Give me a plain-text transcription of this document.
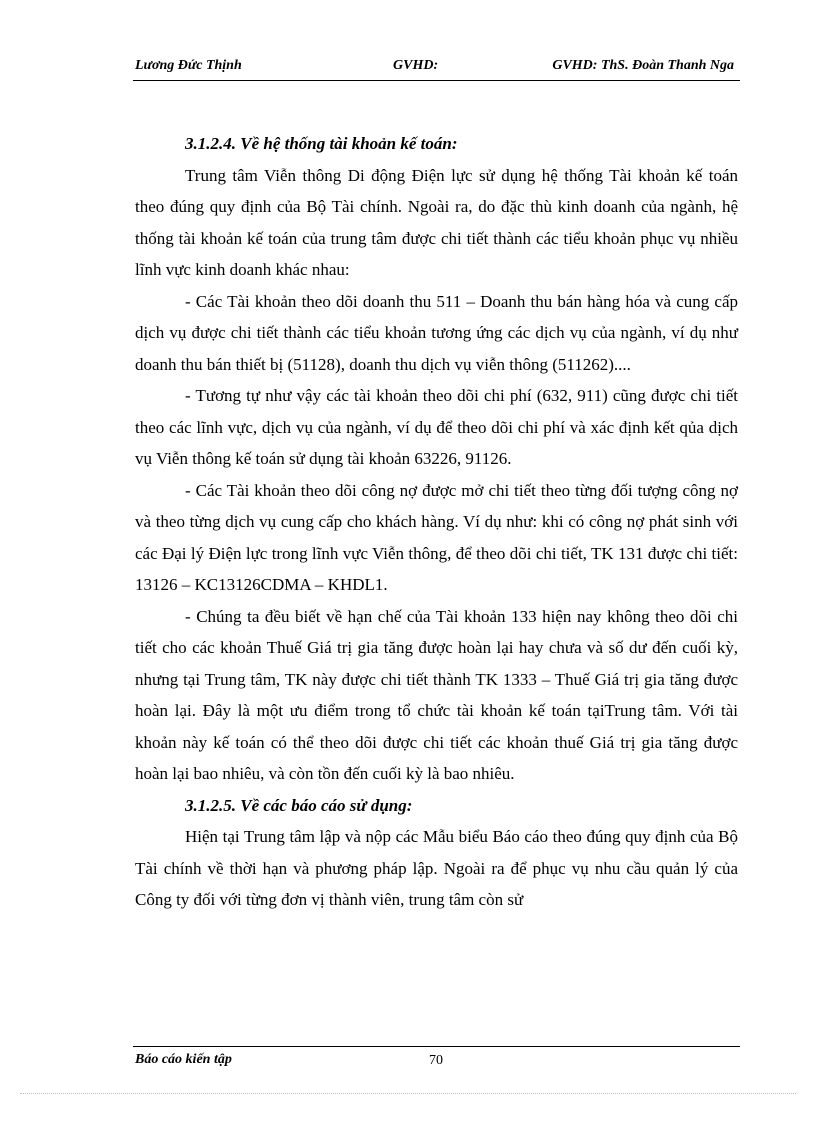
Lương Đức Thịnh	GVHD:	GVHD: ThS. Đoàn Thanh Nga

3.1.2.4. Về hệ thống tài khoản kế toán:

Trung tâm Viễn thông Di động Điện lực sử dụng hệ thống Tài khoản kế toán theo đúng quy định của Bộ Tài chính. Ngoài ra, do đặc thù kinh doanh của ngành, hệ thống tài khoản kế toán của trung tâm được chi tiết thành các tiểu khoản phục vụ nhiều lĩnh vực kinh doanh khác nhau:

- Các Tài khoản theo dõi doanh thu 511 – Doanh thu bán hàng hóa và cung cấp dịch vụ được chi tiết thành các tiểu khoản tương ứng các dịch vụ của ngành, ví dụ như doanh thu bán thiết bị (51128), doanh thu dịch vụ viễn thông (511262)....

- Tương tự như vậy các tài khoản theo dõi chi phí (632, 911) cũng được chi tiết theo các lĩnh vực, dịch vụ của ngành, ví dụ để theo dõi chi phí và xác định kết qủa dịch vụ Viễn thông kế toán sử dụng tài khoản 63226, 91126.

- Các Tài khoản theo dõi công nợ được mở chi tiết theo từng đối tượng công nợ và theo từng dịch vụ cung cấp cho khách hàng. Ví dụ như: khi có công nợ phát sinh với các Đại lý Điện lực trong lĩnh vực Viễn thông, để theo dõi chi tiết, TK 131 được chi tiết: 13126 – KC13126CDMA – KHDL1.

- Chúng ta đều biết về hạn chế của Tài khoản 133 hiện nay không theo dõi chi tiết cho các khoản Thuế Giá trị gia tăng được hoàn lại hay chưa và số dư đến cuối kỳ, nhưng tại Trung tâm, TK này được chi tiết thành TK 1333 – Thuế Giá trị gia tăng được hoàn lại. Đây là một ưu điểm trong tổ chức tài khoản kế toán tạiTrung tâm. Với tài khoản này kế toán có thể theo dõi được chi tiết các khoản thuế Giá trị gia tăng được hoàn lại bao nhiêu, và còn tồn đến cuối kỳ là bao nhiêu.

3.1.2.5. Về các báo cáo sử dụng:

Hiện tại Trung tâm lập và nộp các Mẫu biểu Báo cáo theo đúng quy định của Bộ Tài chính về thời hạn và phương pháp lập. Ngoài ra để phục vụ nhu cầu quản lý của Công ty đối với từng đơn vị thành viên, trung tâm còn sử

Báo cáo kiến tập	70
